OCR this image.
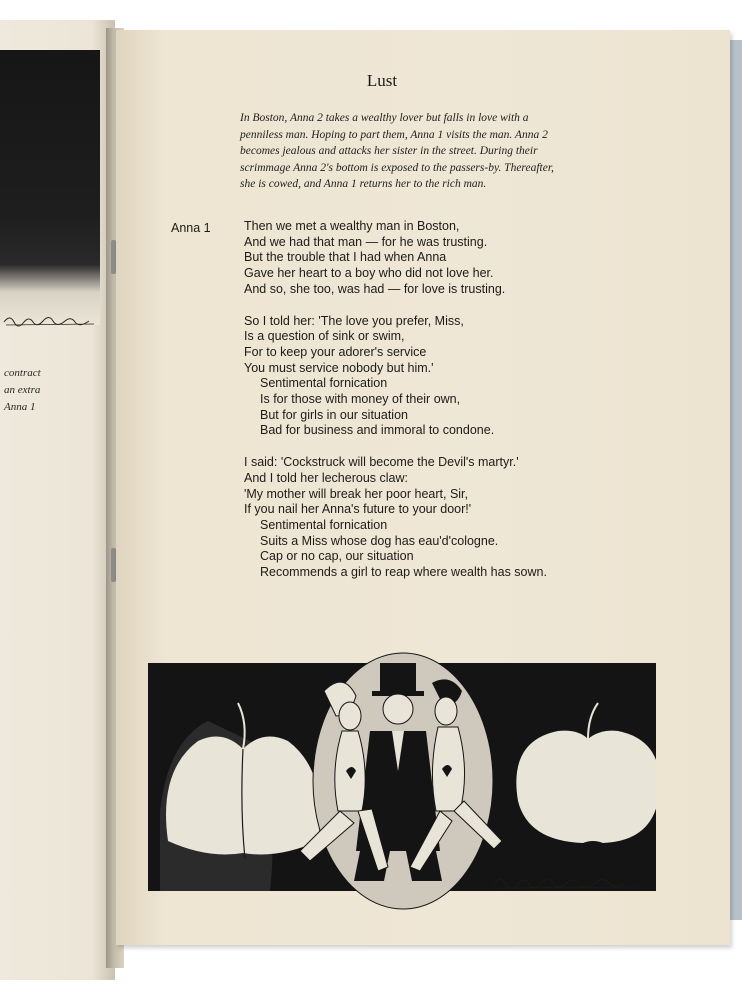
contract
an extra
Anna 1
Lust
In Boston, Anna 2 takes a wealthy lover but falls in love with a
penniless man. Hoping to part them, Anna 1 visits the man. Anna 2
becomes jealous and attacks her sister in the street. During their
scrimmage Anna 2's bottom is exposed to the passers-by. Thereafter,
she is cowed, and Anna 1 returns her to the rich man.
Anna 1	Then we met a wealthy man in Boston,
And we had that man — for he was trusting.
But the trouble that I had when Anna
Gave her heart to a boy who did not love her.
And so, she too, was had — for love is trusting.
So I told her: 'The love you prefer, Miss,
Is a question of sink or swim,
For to keep your adorer's service
You must service nobody but him.'
Sentimental fornication
Is for those with money of their own,
But for girls in our situation
Bad for business and immoral to condone.
I said: 'Cockstruck will become the Devil's martyr.'
And I told her lecherous claw:
'My mother will break her poor heart, Sir,
If you nail her Anna's future to your door!'
Sentimental fornication
Suits a Miss whose dog has eau'd'cologne.
Cap or no cap, our situation
Recommends a girl to reap where wealth has sown.
